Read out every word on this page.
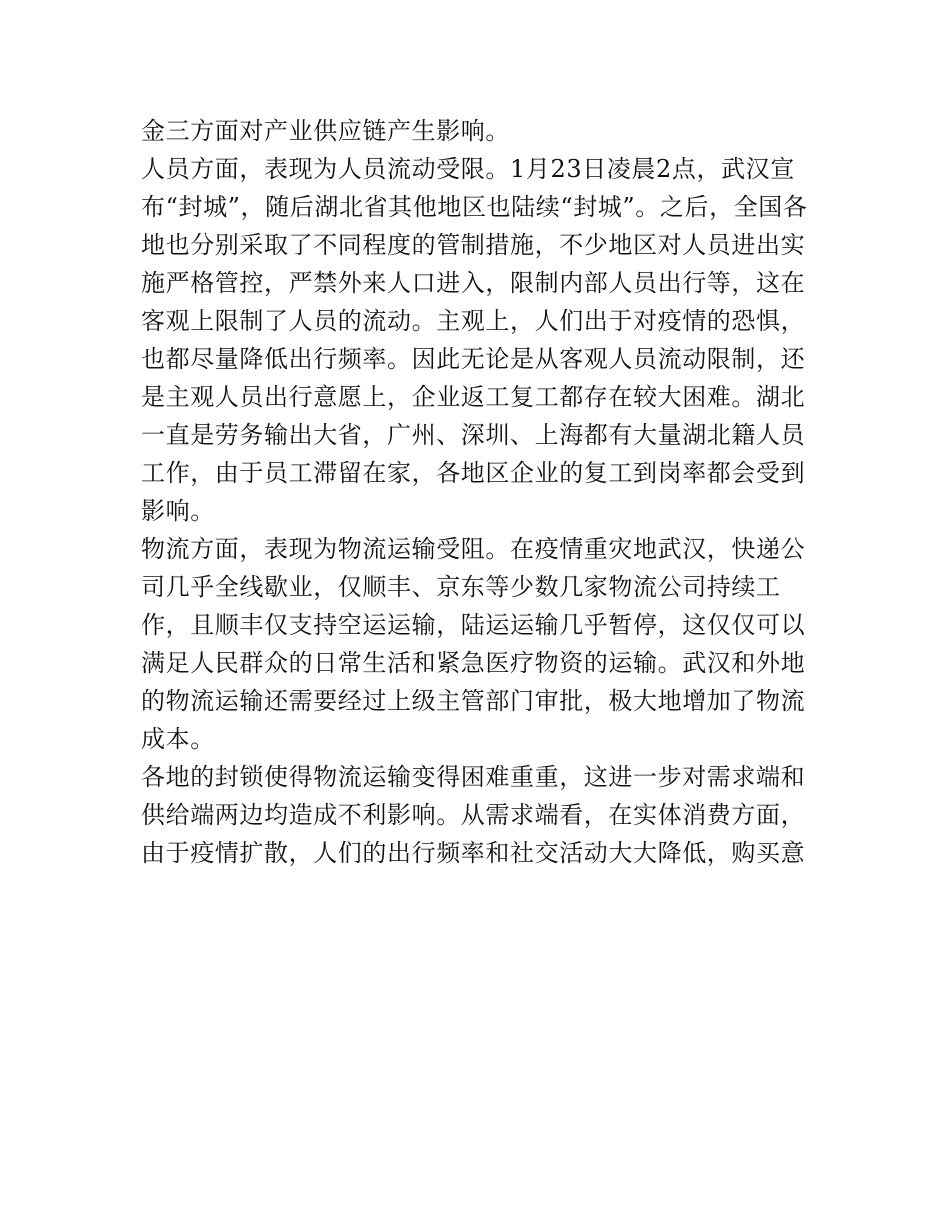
金三方面对产业供应链产生影响。
人员方面，表现为人员流动受限。1月23日凌晨2点，武汉宣
布“封城”，随后湖北省其他地区也陆续“封城”。之后，全国各
地也分别采取了不同程度的管制措施，不少地区对人员进出实
施严格管控，严禁外来人口进入，限制内部人员出行等，这在
客观上限制了人员的流动。主观上，人们出于对疫情的恐惧，
也都尽量降低出行频率。因此无论是从客观人员流动限制，还
是主观人员出行意愿上，企业返工复工都存在较大困难。湖北
一直是劳务输出大省，广州、深圳、上海都有大量湖北籍人员
工作，由于员工滞留在家，各地区企业的复工到岗率都会受到
影响。
物流方面，表现为物流运输受阻。在疫情重灾地武汉，快递公
司几乎全线歇业，仅顺丰、京东等少数几家物流公司持续工
作，且顺丰仅支持空运运输，陆运运输几乎暂停，这仅仅可以
满足人民群众的日常生活和紧急医疗物资的运输。武汉和外地
的物流运输还需要经过上级主管部门审批，极大地增加了物流
成本。
各地的封锁使得物流运输变得困难重重，这进一步对需求端和
供给端两边均造成不利影响。从需求端看，在实体消费方面，
由于疫情扩散，人们的出行频率和社交活动大大降低，购买意
